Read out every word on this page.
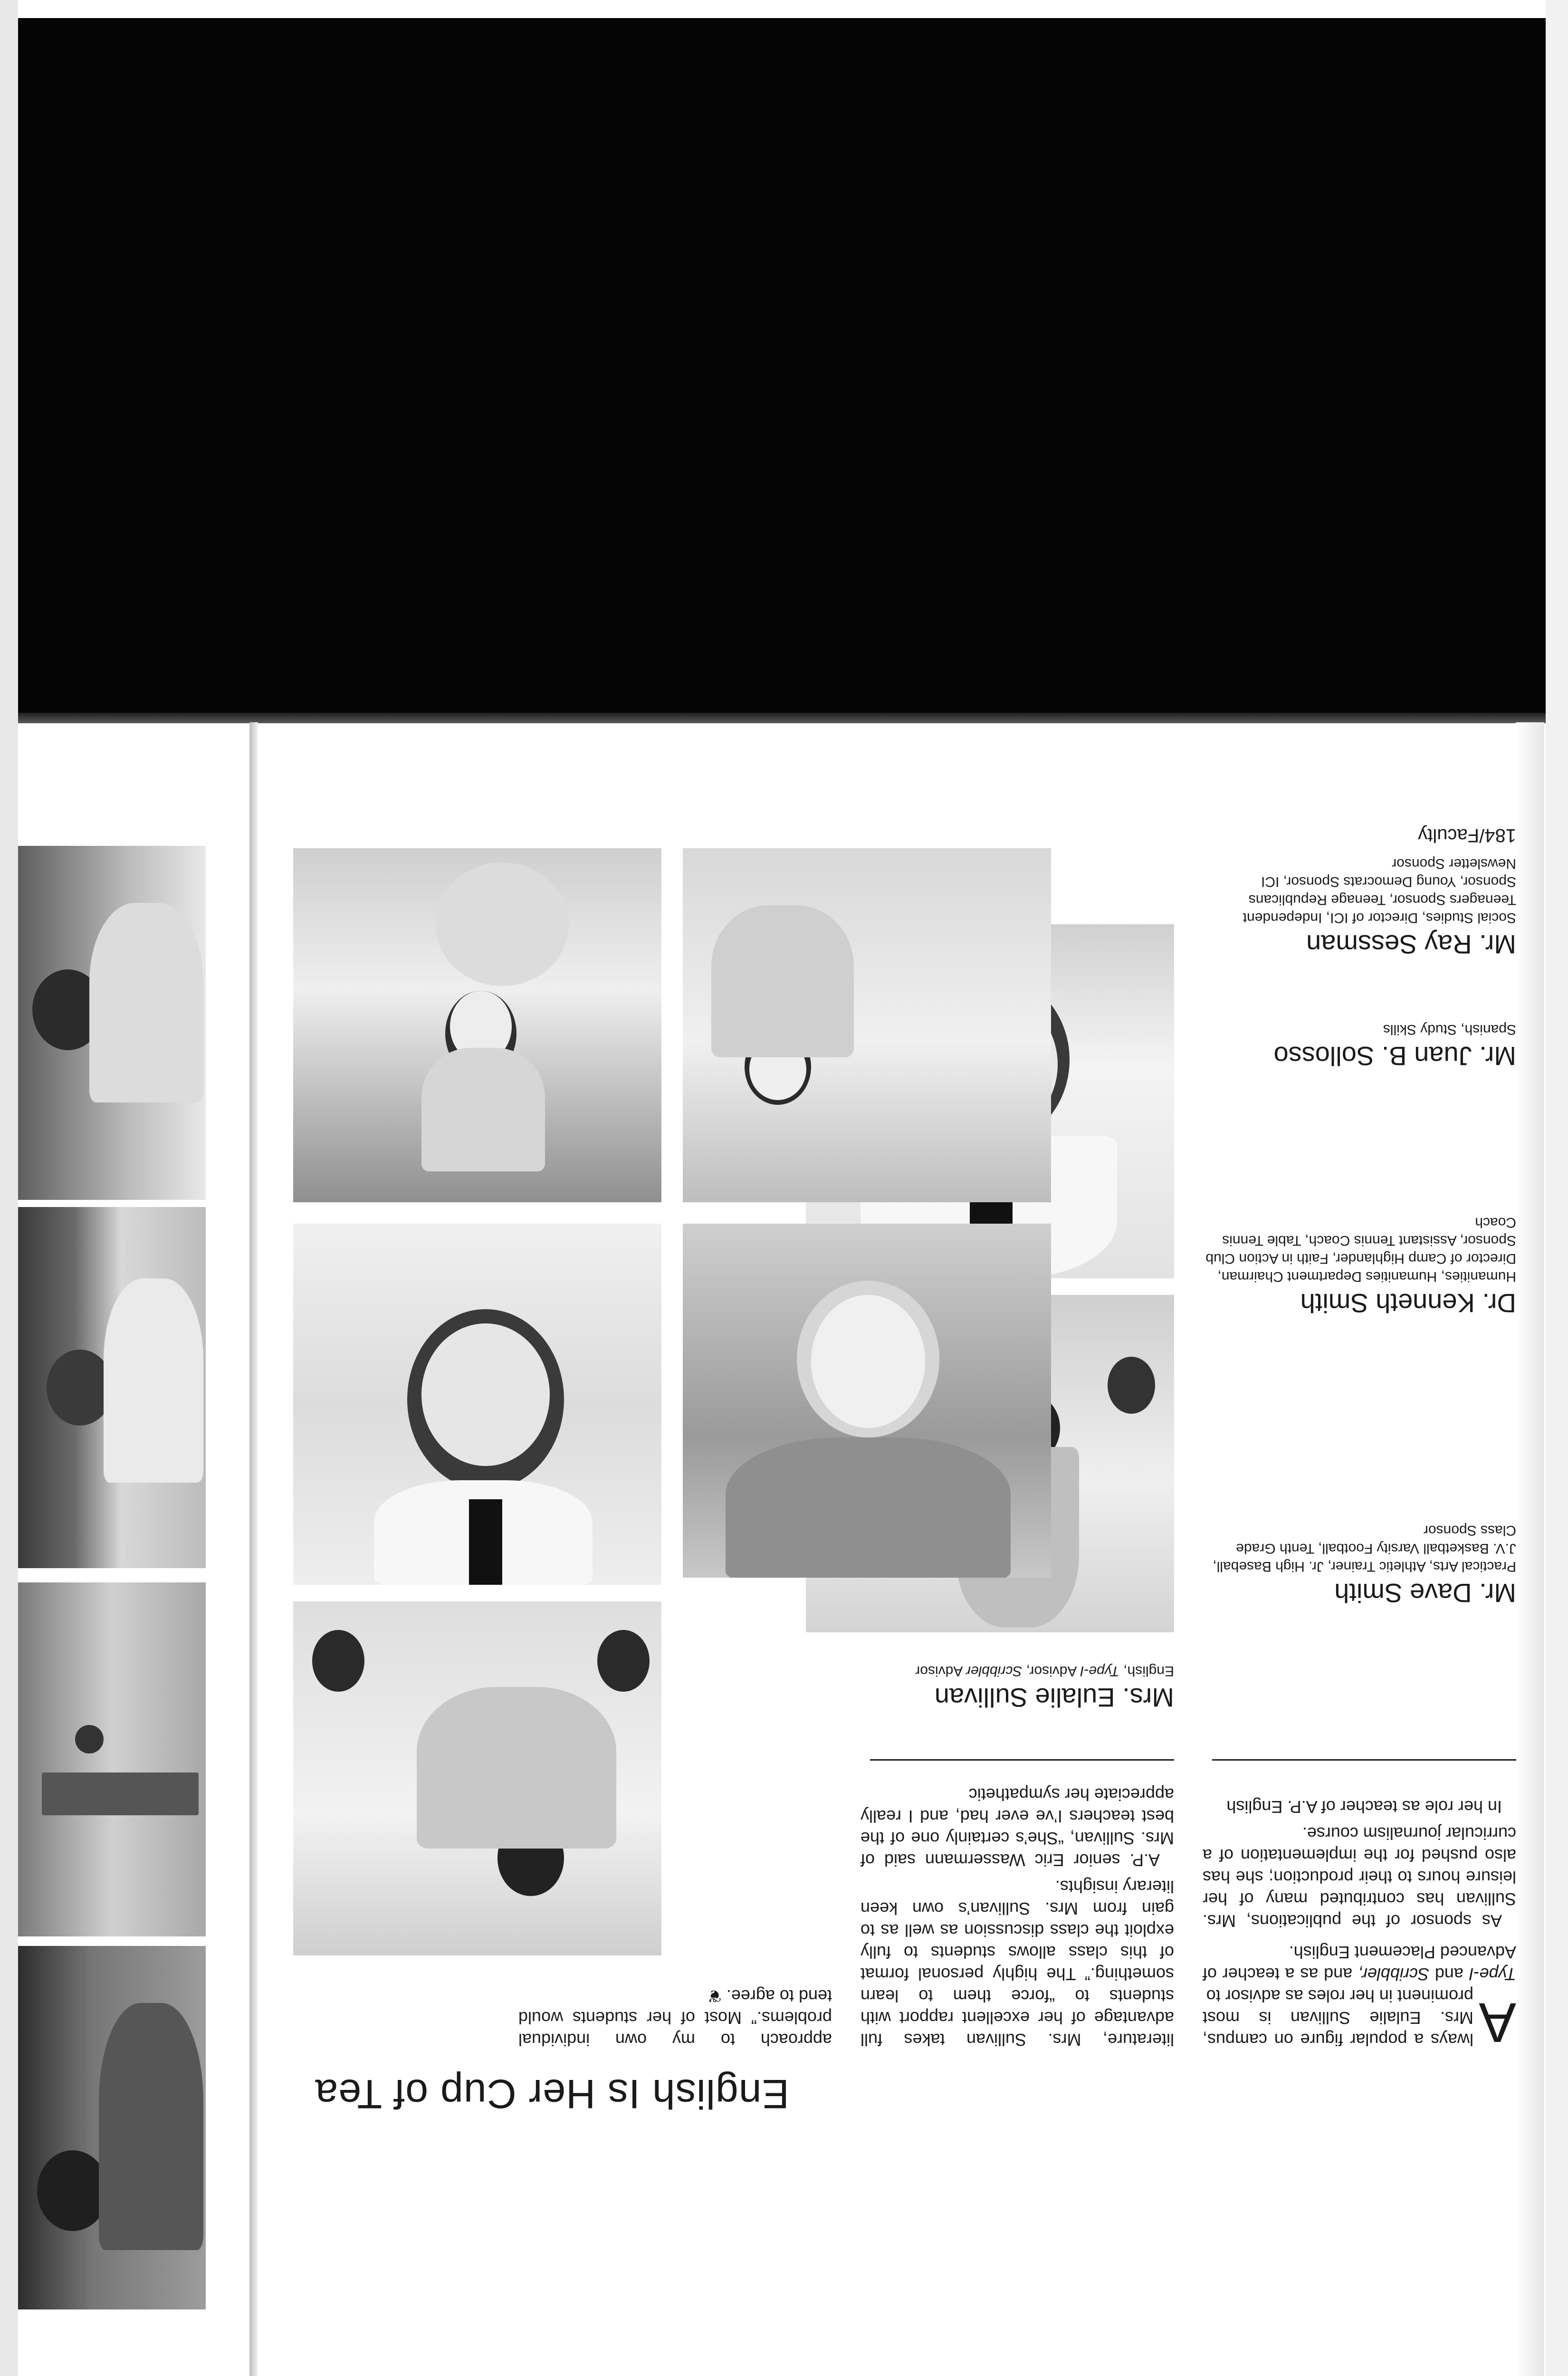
English Is Her Cup of Tea
A
lways a popular figure on campus, Mrs. Eulalie Sullivan is most prominent in her roles as advisor to
Type-I and Scribbler, and as a teacher of Advanced Placement English.

As sponsor of the publications, Mrs. Sullivan has contributed many of her leisure hours to their production; she has also pushed for the implementation of a curricular journalism course.

In her role as teacher of A.P. English

literature, Mrs. Sullivan takes full advantage of her excellent rapport with students to “force them to learn something.” The highly personal format of this class allows students to fully exploit the class discussion as well as to gain from Mrs. Sullivan’s own keen literary insights.

A.P. senior Eric Wassermann said of Mrs. Sullivan, “She’s certainly one of the best teachers I’ve ever had, and I really appreciate her sympathetic

approach to my own individual problems.” Most of her students would tend to agree. ❦

Mrs. Eulalie Sullivan
English, Type-I Advisor, Scribbler Advisor
Mr. Dave Smith
Practical Arts, Athletic Trainer, Jr. High Baseball, J.V. Basketball Varsity Football, Tenth Grade Class Sponsor
Dr. Kenneth Smith
Humanities, Humanities Department Chairman, Director of Camp Highlander, Faith in Action Club Sponsor, Assistant Tennis Coach, Table Tennis Coach
Mr. Juan B. Sollosso
Spanish, Study Skills
Mr. Ray Sessman
Social Studies, Director of ICI, Independent Teenagers Sponsor, Teenage Republicans Sponsor, Young Democrats Sponsor, ICI Newsletter Sponsor
184/Faculty
